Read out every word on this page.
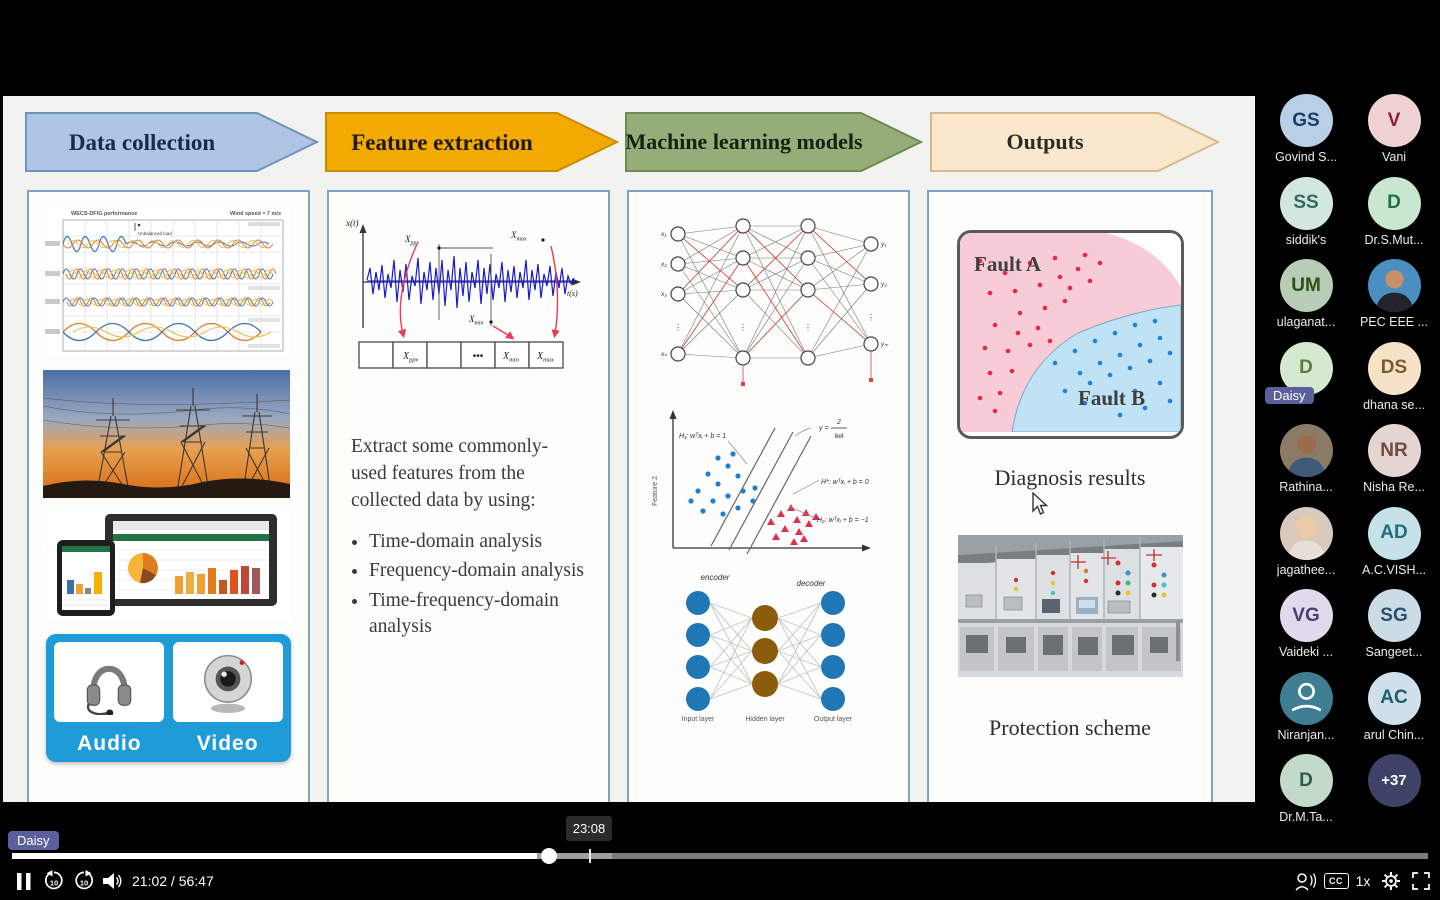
Data collection	Feature extraction	Machine learning models	Outputs
WECS-DFIG performance	Wind speed ≈ 7 m/s
Unbalanced load
Audio	Video
x(t)
t(s)
$X_{ppv}$
$X_{max}$
$X_{min}$
$X_{ppv}$	••• $X_{min}$ $X_{max}$
Extract some commonly-used features from the collected data by using:
• Time-domain analysis
• Frequency-domain analysis
• Time-frequency-domain analysis
⋮	⋮	⋮
⋮
x₁
x₂
x₃
xₙ
y₁
y₂
yₘ
Feature 2
H₁: wᵀxᵢ + b = 1
H*: wᵀxᵢ + b = 0
H₂: wᵀxᵢ + b = −1
γ =
2
‖w‖
encoder
decoder
Input layer	Hidden layer	Output layer
Fault A
Fault B
Diagnosis results
Protection scheme
GS
Govind S...
V
Vani
SS
siddik's
D
Dr.S.Mut...
UM
ulaganat... PEC EEE ...
D
Daisy
DS
dhana se...
Rathina...
NR
Nisha Re...
jagathee...
AD
A.C.VISH...
VG
Vaideki ...
SG
Sangeet...
Niranjan...
AC
arul Chin...
D
Dr.M.Ta...
+37
Daisy
23:08
10	10	21:02 / 56:47	CC 1x
